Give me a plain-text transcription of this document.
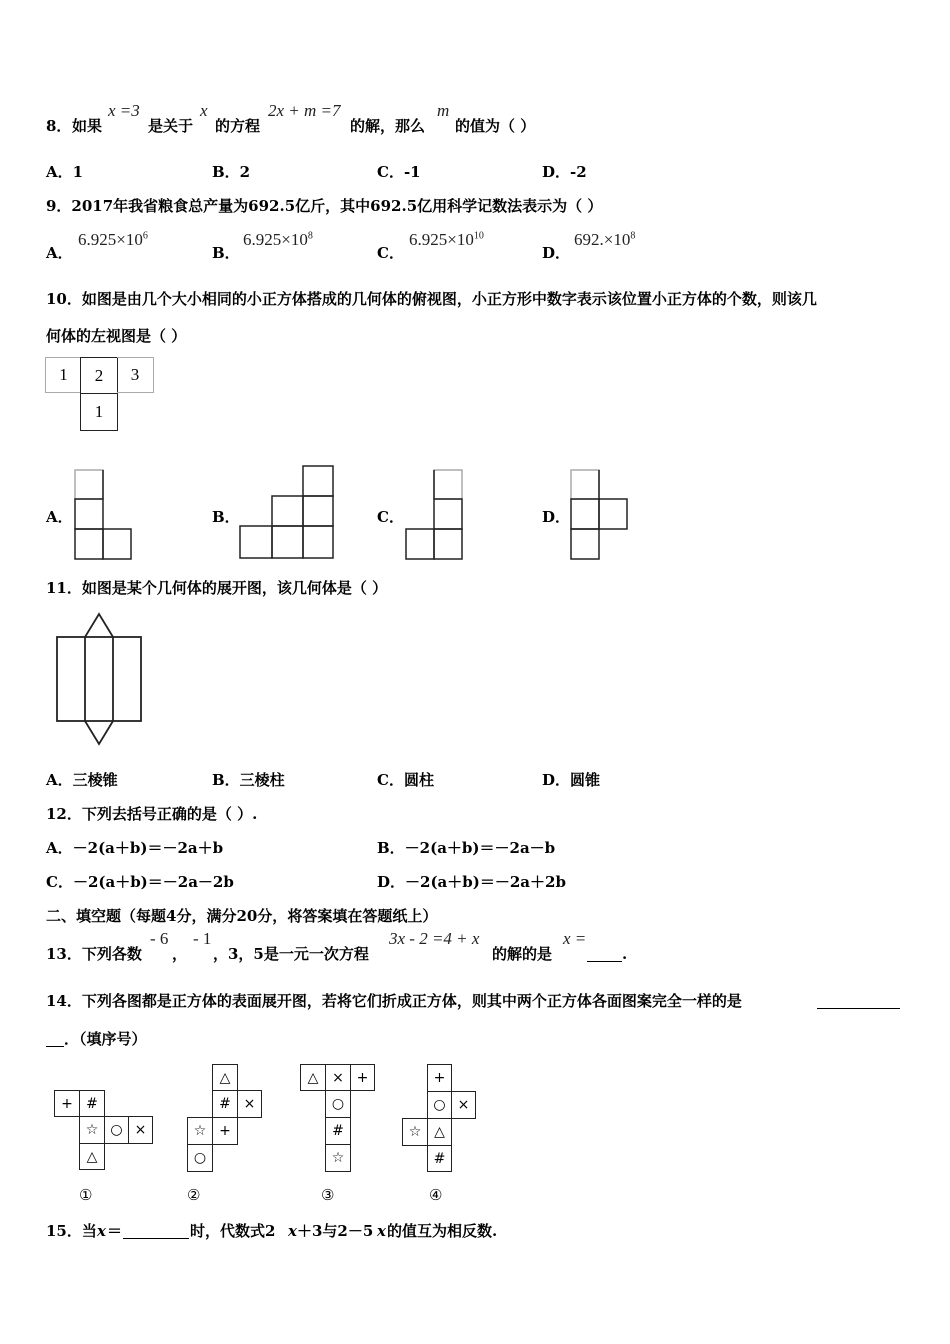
8． 如果
x =3
是关于
x
的方程
2x + m =7
的解，那么
m
的值为（ ）
A．1	B．2	C．-1	D．-2
9．2017年我省粮食总产量为692.5亿斤，其中692.5亿用科学记数法表示为（ ）
A．
$6.925\times 10^6$
B．
$6.925\times 10^8$
C．
$6.925\times 10^{10}$
D．
$692.\times 10^8$
10．如图是由几个大小相同的小正方体搭成的几何体的俯视图，小正方形中数字表示该位置小正方体的个数，则该几
何体的左视图是（ ）
1	2	3
1
A．	B．	C．	D．
11．如图是某个几何体的展开图，该几何体是（ ）
A．三棱锥	B．三棱柱	C．圆柱	D．圆锥
12．下列去括号正确的是（ ）.
A．－2(a＋b)＝－2a＋b	B．－2(a＋b)＝－2a－b
C．－2(a＋b)＝－2a－2b	D．－2(a＋b)＝－2a＋2b
二、填空题（每题4分，满分20分，将答案填在答题纸上）
13．下列各数
- 6
，
- 1
，3，5是一元一次方程
3x - 2 =4 + x
的解的是
x =
.
14．下列各图都是正方体的表面展开图，若将它们折成正方体，则其中两个正方体各面图案完全一样的是
．（填序号）
+ #
☆ ○ ×
△
①
△
# ×
☆ +
○
②
△ × +
○
#
☆
③
+
○ ×
☆ △
#
④
15．当 x ＝	时，代数式2 x ＋3与2－5 x 的值互为相反数.
